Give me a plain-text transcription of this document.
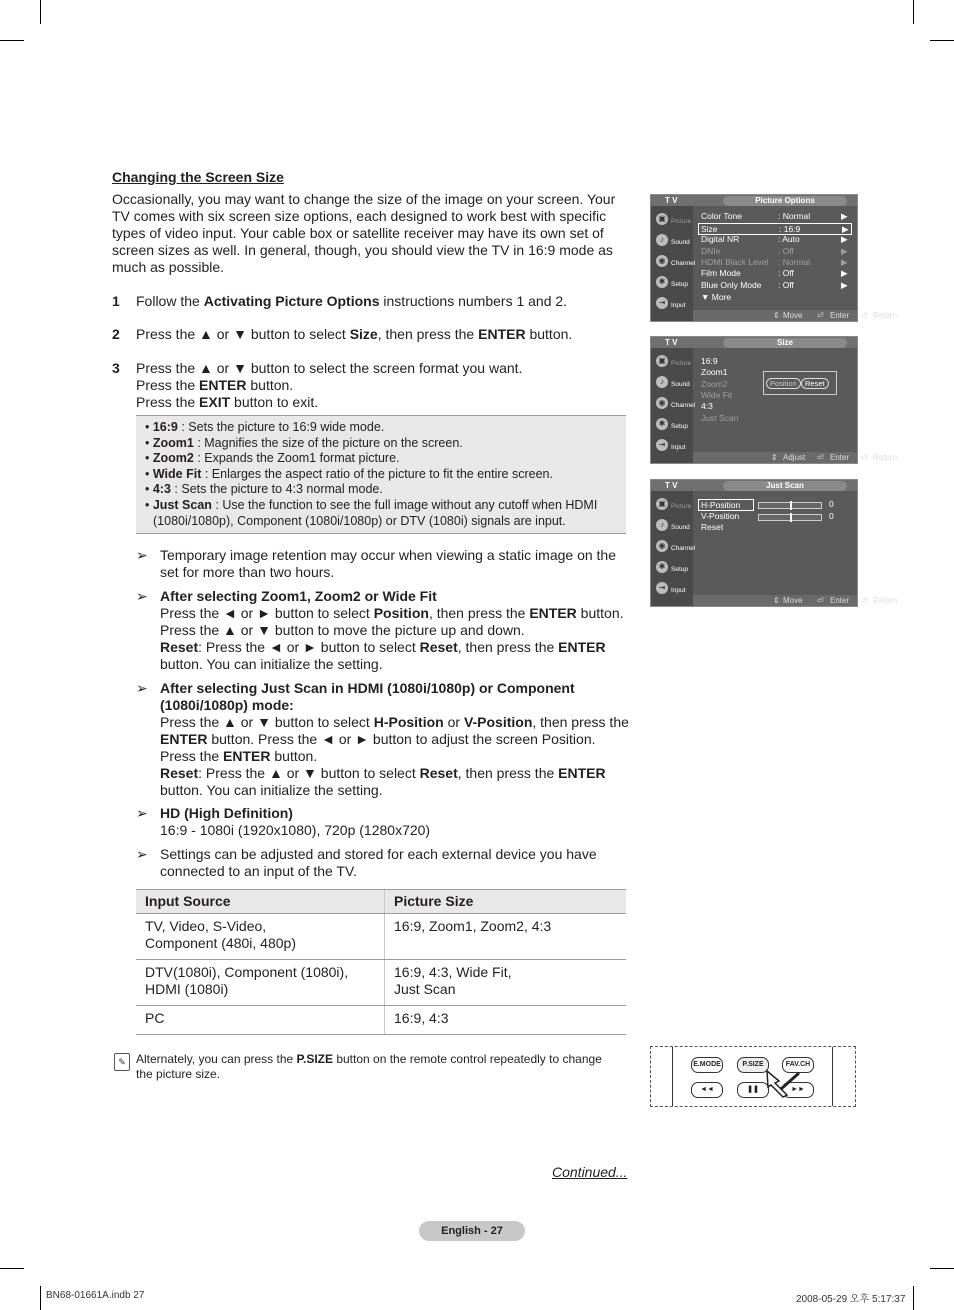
Changing the Screen Size
Occasionally, you may want to change the size of the image on your screen. Your TV comes with six screen size options, each designed to work best with specific types of video input. Your cable box or satellite receiver may have its own set of screen sizes as well. In general, though, you should view the TV in 16:9 mode as much as possible.
1 Follow the Activating Picture Options instructions numbers 1 and 2.
2 Press the ▲ or ▼ button to select Size, then press the ENTER button.
3 Press the ▲ or ▼ button to select the screen format you want.
Press the ENTER button.
Press the EXIT button to exit.
• 16:9 : Sets the picture to 16:9 wide mode.
• Zoom1 : Magnifies the size of the picture on the screen.
• Zoom2 : Expands the Zoom1 format picture.
• Wide Fit : Enlarges the aspect ratio of the picture to fit the entire screen.
• 4:3 : Sets the picture to 4:3 normal mode.
• Just Scan : Use the function to see the full image without any cutoff when HDMI (1080i/1080p), Component (1080i/1080p) or DTV (1080i) signals are input.
➢ Temporary image retention may occur when viewing a static image on the set for more than two hours.
➢ After selecting Zoom1, Zoom2 or Wide Fit
Press the ◄ or ► button to select Position, then press the ENTER button.
Press the ▲ or ▼ button to move the picture up and down.
Reset: Press the ◄ or ► button to select Reset, then press the ENTER button. You can initialize the setting.
➢ After selecting Just Scan in HDMI (1080i/1080p) or Component (1080i/1080p) mode:
Press the ▲ or ▼ button to select H-Position or V-Position, then press the ENTER button. Press the ◄ or ► button to adjust the screen Position. Press the ENTER button.
Reset: Press the ▲ or ▼ button to select Reset, then press the ENTER button. You can initialize the setting.
➢ HD (High Definition)
16:9 - 1080i (1920x1080), 720p (1280x720)
➢ Settings can be adjusted and stored for each external device you have connected to an input of the TV.
Input Source	Picture Size
TV, Video, S-Video,
Component (480i, 480p)	16:9, Zoom1, Zoom2, 4:3
DTV(1080i), Component (1080i),
HDMI (1080i)	16:9, 4:3, Wide Fit,
Just Scan
PC	16:9, 4:3
✎ Alternately, you can press the P.SIZE button on the remote control repeatedly to change the picture size.
Continued...
English - 27
BN68-01661A.indb 27	2008-05-29 오후 5:17:37
T V	Picture Options
▣ Picture
♪	Sound
◉ Channel
✱ Setup
⇥ Input
Color Tone	: Normal	▶
Size	: 16:9	▶
Digital NR	: Auto	▶
DNIe	: Off	▶
HDMI Black Level : Normal	▶
Film Mode	: Off	▶
Blue Only Mode : Off	▶
▼ More
⇕ Move ⏎ Enter ↺ Return
T V	Size
▣ Picture
♪	Sound
◉ Channel
✱ Setup
⇥ Input
16:9
Zoom1
Zoom2
Wide Fit
4:3
Just Scan
Position	Reset
⇕ Adjust ⏎ Enter ↺ Return
T V	Just Scan
▣ Picture
♪	Sound
◉ Channel
✱ Setup
⇥ Input
H-Position	0
V-Position	0
Reset
⇕ Move ⏎ Enter ↺ Return
E.MODE	P.SIZE	FAV.CH
◄◄	❚❚	►►
